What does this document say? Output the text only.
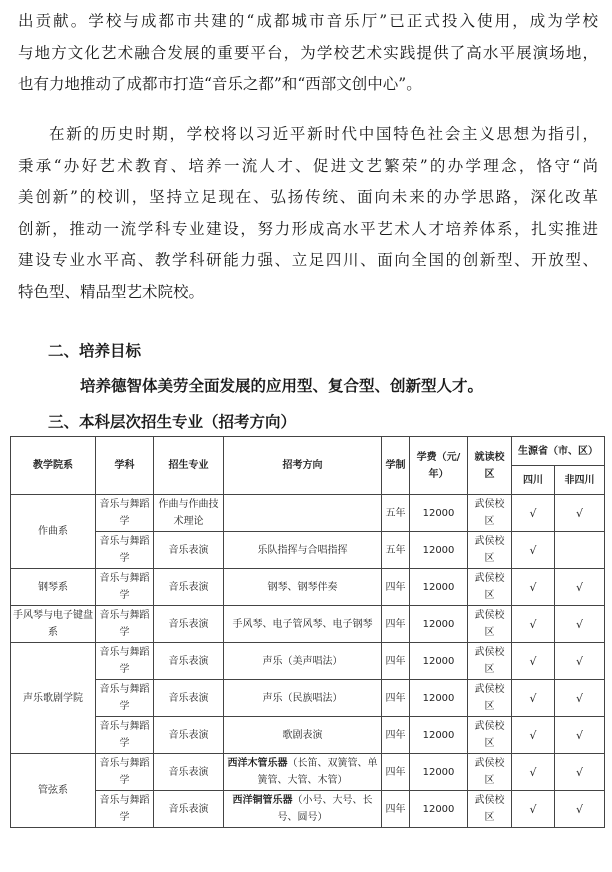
出贡献。学校与成都市共建的“成都城市音乐厅”已正式投入使用，成为学校
与地方文化艺术融合发展的重要平台，为学校艺术实践提供了高水平展演场地，
也有力地推动了成都市打造“音乐之都”和“西部文创中心”。
在新的历史时期，学校将以习近平新时代中国特色社会主义思想为指引，
秉承“办好艺术教育、培养一流人才、促进文艺繁荣”的办学理念，恪守“尚
美创新”的校训，坚持立足现在、弘扬传统、面向未来的办学思路，深化改革
创新，推动一流学科专业建设，努力形成高水平艺术人才培养体系，扎实推进
建设专业水平高、教学科研能力强、立足四川、面向全国的创新型、开放型、
特色型、精品型艺术院校。
二、培养目标
培养德智体美劳全面发展的应用型、复合型、创新型人才。
三、本科层次招生专业（招考方向）
教学院系	学科	招生专业	招考方向	学制	学费（元/年）	就读校区	生源省（市、区）	
							四川	非四川
作曲系	音乐与舞蹈学	作曲与作曲技术理论		五年	12000	武侯校区	√	√
	音乐与舞蹈学	音乐表演	乐队指挥与合唱指挥	五年	12000	武侯校区	√	
钢琴系	音乐与舞蹈学	音乐表演	钢琴、钢琴伴奏	四年	12000	武侯校区	√	√
手风琴与电子键盘系	音乐与舞蹈学	音乐表演	手风琴、电子管风琴、电子钢琴	四年	12000	武侯校区	√	√
声乐歌剧学院	音乐与舞蹈学	音乐表演	声乐（美声唱法）	四年	12000	武侯校区	√	√
	音乐与舞蹈学	音乐表演	声乐（民族唱法）	四年	12000	武侯校区	√	√
	音乐与舞蹈学	音乐表演	歌剧表演	四年	12000	武侯校区	√	√
管弦系	音乐与舞蹈学	音乐表演	西洋木管乐器（长笛、双簧管、单簧管、大管、木管）	四年	12000	武侯校区	√	√
	音乐与舞蹈学	音乐表演	西洋铜管乐器（小号、大号、长号、圆号）	四年	12000	武侯校区	√	√
